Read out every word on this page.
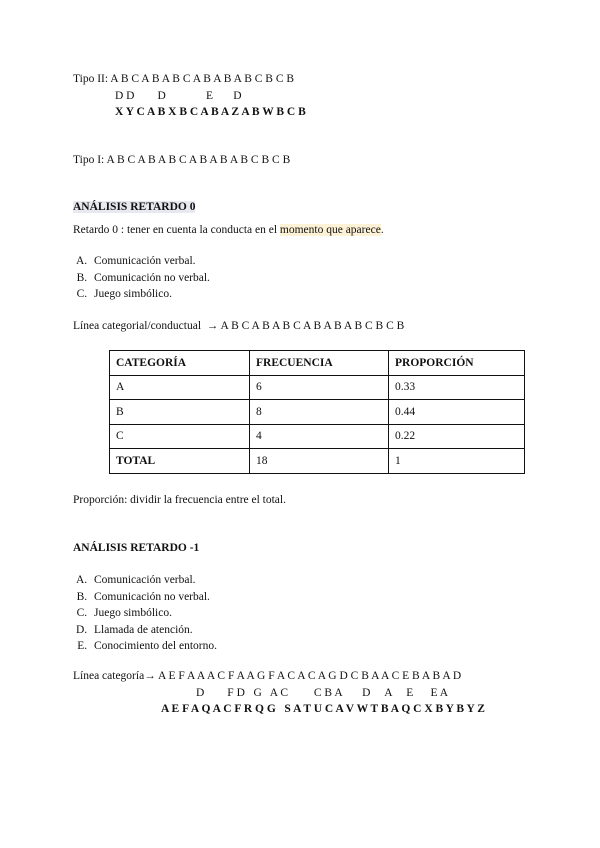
Tipo II: A B C A B A B C A B A B A B C B C B
D D        D              E       D
X Y C A B X B C A B A Z A B W B C B
Tipo I: A B C A B A B C A B A B A B C B C B
ANÁLISIS RETARDO 0
Retardo 0 : tener en cuenta la conducta en el momento que aparece.
A. Comunicación verbal.
B. Comunicación no verbal.
C. Juego simbólico.
Línea categorial/conductual  → A B C A B A B C A B A B A B C B C B
CATEGORÍA	FRECUENCIA	PROPORCIÓN
A	6	0.33
B	8	0.44
C	4	0.22
TOTAL	18	1
Proporción: dividir la frecuencia entre el total.
ANÁLISIS RETARDO -1
A. Comunicación verbal.
B. Comunicación no verbal.
C. Juego simbólico.
D. Llamada de atención.
E. Conocimiento del entorno.
Línea categoría→ A E F A A A C F A A G F A C A C A G D C B A A C E B A B A D
D        F D   G   A C         C B A       D     A     E      E A
A E F A Q A C F R Q G   S A T U C A V W T B A Q C X B Y B Y Z
